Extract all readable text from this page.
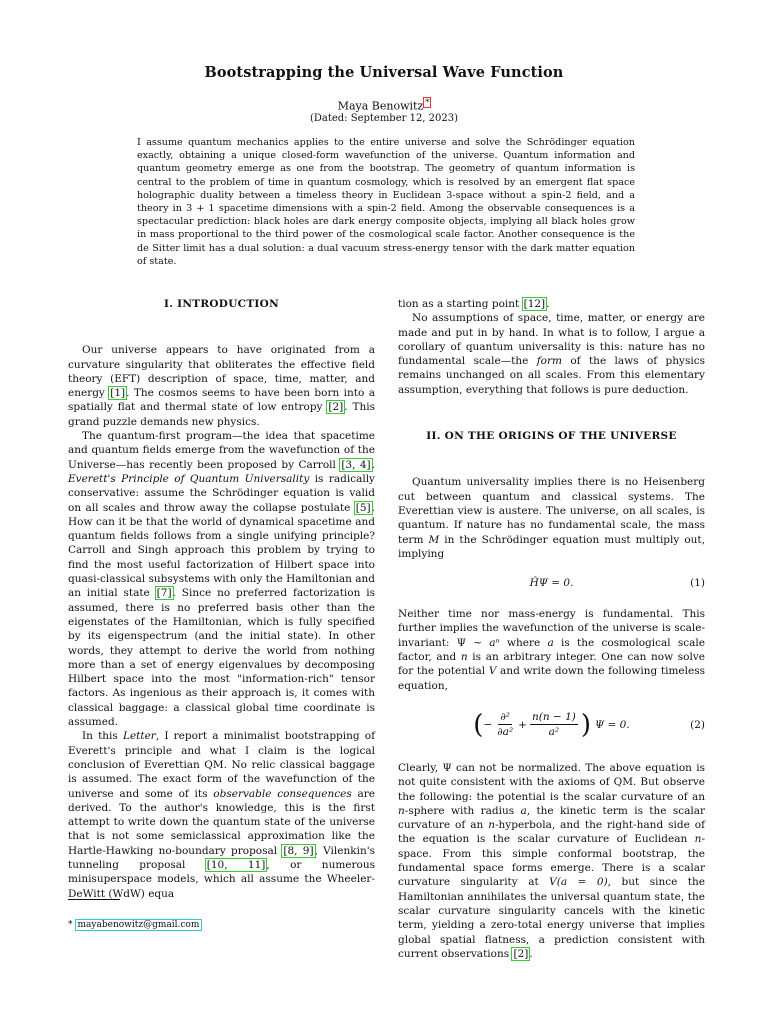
Bootstrapping the Universal Wave Function
Maya Benowitz *
(Dated: September 12, 2023)
I assume quantum mechanics applies to the entire universe and solve the Schrödinger equation exactly, obtaining a unique closed-form wavefunction of the universe. Quantum information and quantum geometry emerge as one from the bootstrap. The geometry of quantum information is central to the problem of time in quantum cosmology, which is resolved by an emergent flat space holographic duality between a timeless theory in Euclidean 3-space without a spin-2 field, and a theory in 3 + 1 spacetime dimensions with a spin-2 field. Among the observable consequences is a spectacular prediction: black holes are dark energy composite objects, implying all black holes grow in mass proportional to the third power of the cosmological scale factor. Another consequence is the de Sitter limit has a dual solution: a dual vacuum stress-energy tensor with the dark matter equation of state.
I. INTRODUCTION

Our universe appears to have originated from a curvature singularity that obliterates the effective field theory (EFT) description of space, time, matter, and energy [1]. The cosmos seems to have been born into a spatially flat and thermal state of low entropy [2]. This grand puzzle demands new physics.

The quantum-first program—the idea that spacetime and quantum fields emerge from the wavefunction of the Universe—has recently been proposed by Carroll [3, 4]. Everett's Principle of Quantum Universality is radically conservative: assume the Schrödinger equation is valid on all scales and throw away the collapse postulate [5]. How can it be that the world of dynamical spacetime and quantum fields follows from a single unifying principle? Carroll and Singh approach this problem by trying to find the most useful factorization of Hilbert space into quasi-classical subsystems with only the Hamiltonian and an initial state [7]. Since no preferred factorization is assumed, there is no preferred basis other than the eigenstates of the Hamiltonian, which is fully specified by its eigenspectrum (and the initial state). In other words, they attempt to derive the world from nothing more than a set of energy eigenvalues by decomposing Hilbert space into the most "information-rich" tensor factors. As ingenious as their approach is, it comes with classical baggage: a classical global time coordinate is assumed.

In this Letter, I report a minimalist bootstrapping of Everett's principle and what I claim is the logical conclusion of Everettian QM. No relic classical baggage is assumed. The exact form of the wavefunction of the universe and some of its observable consequences are derived. To the author's knowledge, this is the first attempt to write down the quantum state of the universe that is not some semiclassical approximation like the Hartle-Hawking no-boundary proposal [8, 9], Vilenkin's tunneling proposal [10, 11], or numerous minisuperspace models, which all assume the Wheeler-DeWitt (WdW) equa

tion as a starting point [12].

No assumptions of space, time, matter, or energy are made and put in by hand. In what is to follow, I argue a corollary of quantum universality is this: nature has no fundamental scale—the form of the laws of physics remains unchanged on all scales. From this elementary assumption, everything that follows is pure deduction.

II. ON THE ORIGINS OF THE UNIVERSE

Quantum universality implies there is no Heisenberg cut between quantum and classical systems. The Everettian view is austere. The universe, on all scales, is quantum. If nature has no fundamental scale, the mass term M in the Schrödinger equation must multiply out, implying

ĤΨ = 0.	(1)

Neither time nor mass-energy is fundamental. This further implies the wavefunction of the universe is scale-invariant: Ψ ∼ aⁿ where a is the cosmological scale factor, and n is an arbitrary integer. One can now solve for the potential V and write down the following timeless equation,

( − $\frac{\text{∂²}}{\text{∂a²}} + \frac{n(n - 1)}{\text{a²}}$ ) Ψ = 0.	(2)

Clearly, Ψ can not be normalized. The above equation is not quite consistent with the axioms of QM. But observe the following: the potential is the scalar curvature of an n-sphere with radius a, the kinetic term is the scalar curvature of an n-hyperbola, and the right-hand side of the equation is the scalar curvature of Euclidean n-space. From this simple conformal bootstrap, the fundamental space forms emerge. There is a scalar curvature singularity at V(a = 0), but since the Hamiltonian annihilates the universal quantum state, the scalar curvature singularity cancels with the kinetic term, yielding a zero-total energy universe that implies global spatial flatness, a prediction consistent with current observations [2].

* mayabenowitz@gmail.com
